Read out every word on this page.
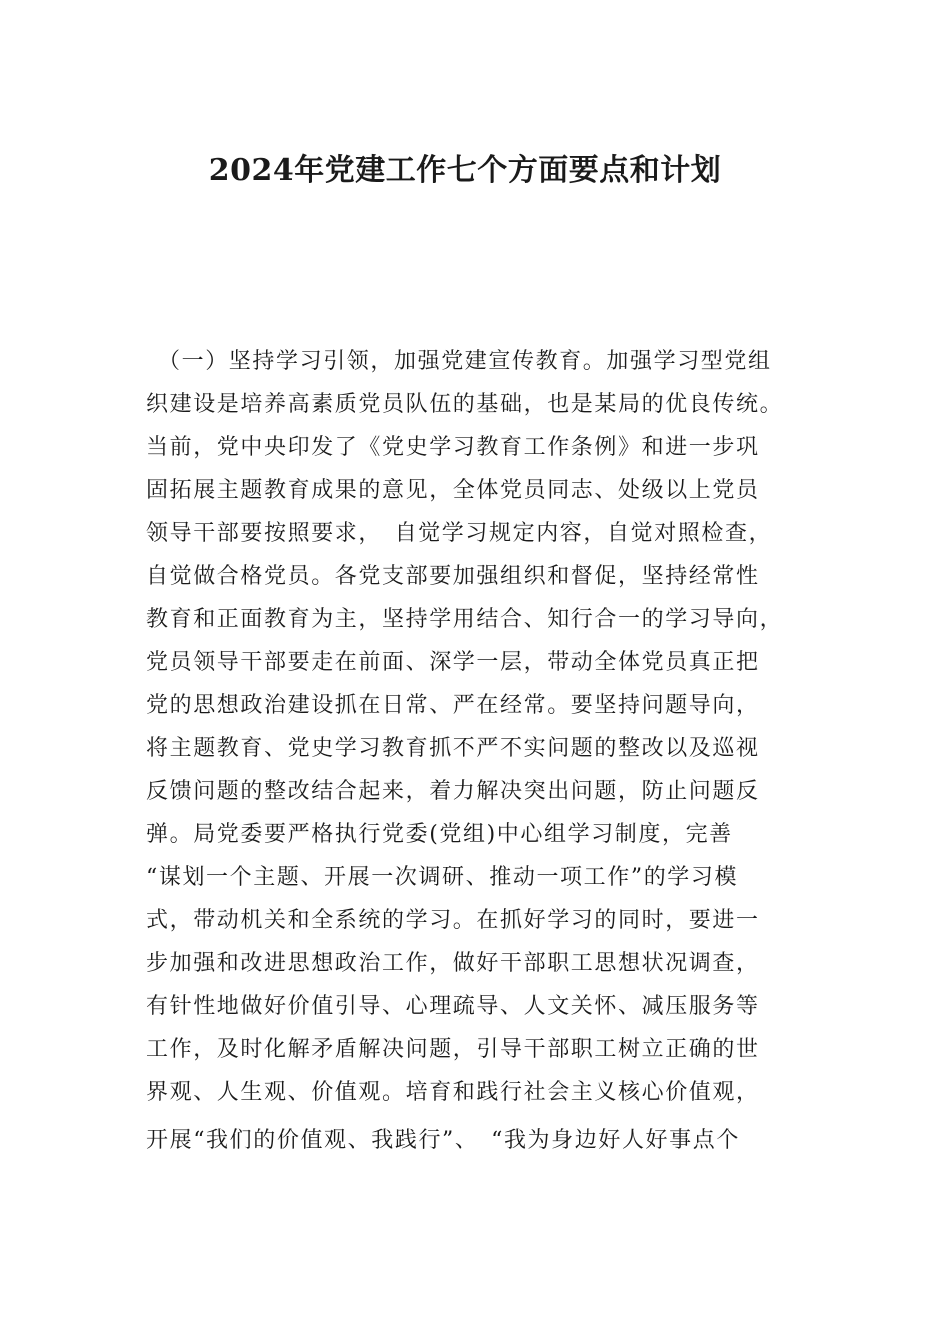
2024年党建工作七个方面要点和计划
（一）坚持学习引领，加强党建宣传教育。加强学习型党组
织建设是培养高素质党员队伍的基础，也是某局的优良传统。
当前，党中央印发了《党史学习教育工作条例》和进一步巩
固拓展主题教育成果的意见，全体党员同志、处级以上党员
领导干部要按照要求，　自觉学习规定内容，自觉对照检查，
自觉做合格党员。各党支部要加强组织和督促，坚持经常性
教育和正面教育为主，坚持学用结合、知行合一的学习导向，
党员领导干部要走在前面、深学一层，带动全体党员真正把
党的思想政治建设抓在日常、严在经常。要坚持问题导向，
将主题教育、党史学习教育抓不严不实问题的整改以及巡视
反馈问题的整改结合起来，着力解决突出问题，防止问题反
弹。局党委要严格执行党委(党组)中心组学习制度，完善
“谋划一个主题、开展一次调研、推动一项工作”的学习模
式，带动机关和全系统的学习。在抓好学习的同时，要进一
步加强和改进思想政治工作，做好干部职工思想状况调查，
有针性地做好价值引导、心理疏导、人文关怀、减压服务等
工作，及时化解矛盾解决问题，引导干部职工树立正确的世
界观、人生观、价值观。培育和践行社会主义核心价值观，
开展“我们的价值观、我践行”、　“我为身边好人好事点个
